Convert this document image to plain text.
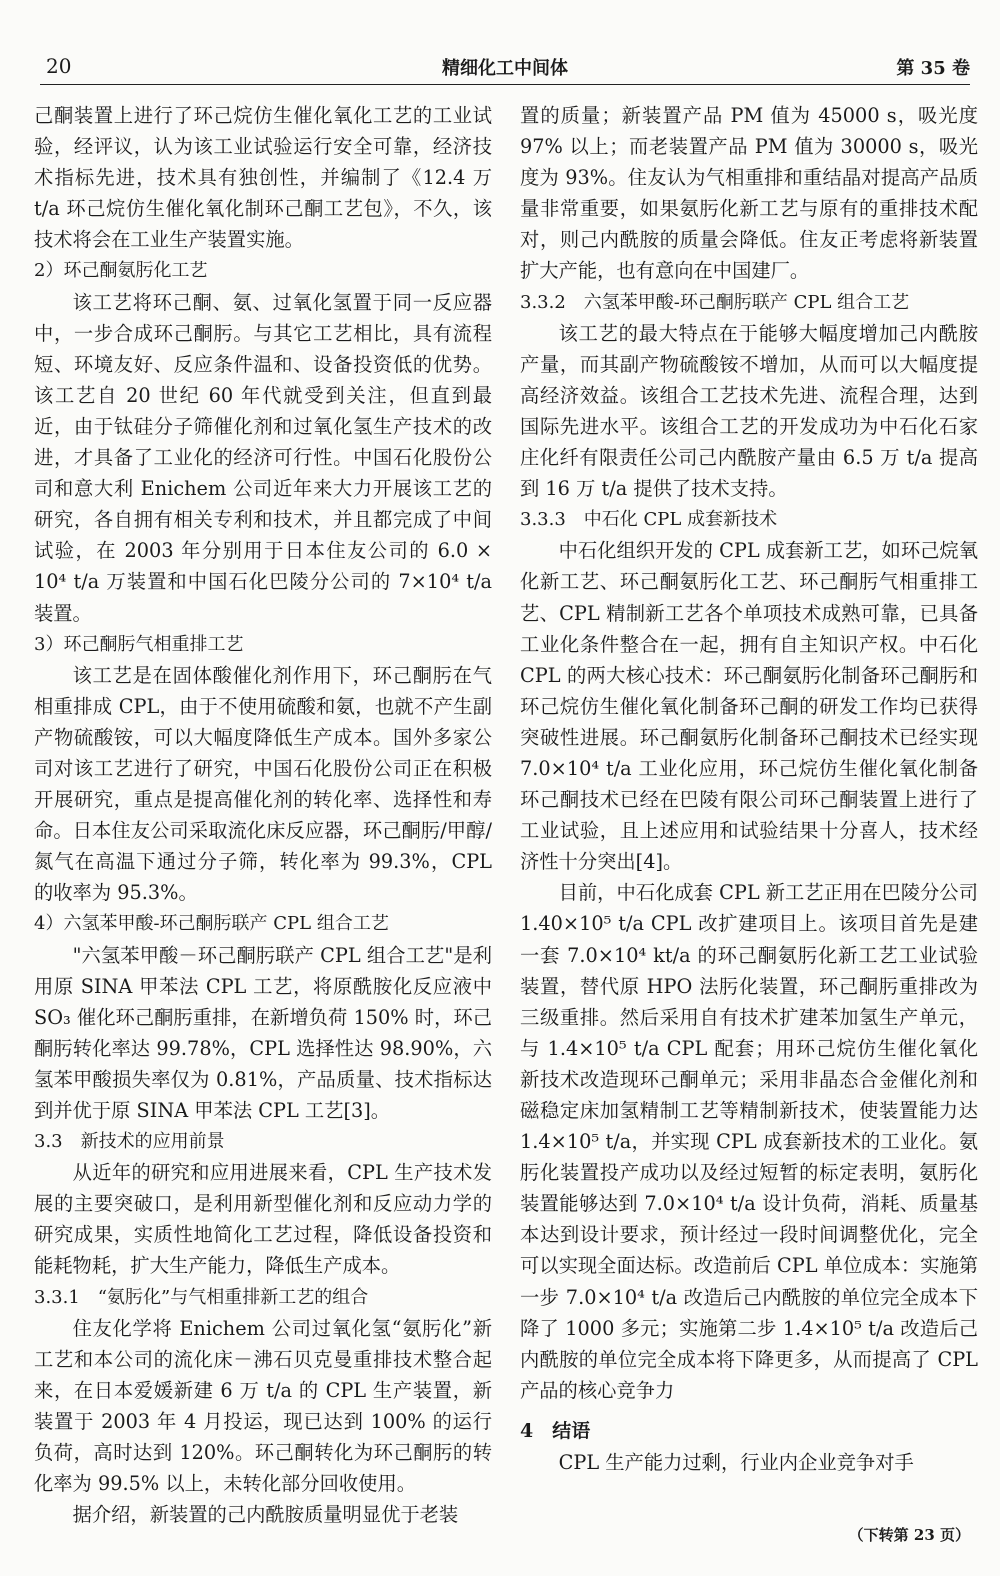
20	精细化工中间体	第 35 卷

己酮装置上进行了环己烷仿生催化氧化工艺的工业试验，经评议，认为该工业试验运行安全可靠，经济技术指标先进，技术具有独创性，并编制了《12.4 万 t/a 环己烷仿生催化氧化制环己酮工艺包》，不久，该技术将会在工业生产装置实施。

2）环己酮氨肟化工艺

该工艺将环己酮、氨、过氧化氢置于同一反应器中，一步合成环己酮肟。与其它工艺相比，具有流程短、环境友好、反应条件温和、设备投资低的优势。该工艺自 20 世纪 60 年代就受到关注，但直到最近，由于钛硅分子筛催化剂和过氧化氢生产技术的改进，才具备了工业化的经济可行性。中国石化股份公司和意大利 Enichem 公司近年来大力开展该工艺的研究，各自拥有相关专利和技术，并且都完成了中间试验，在 2003 年分别用于日本住友公司的 6.0 × 10⁴ t/a 万装置和中国石化巴陵分公司的 7×10⁴ t/a 装置。

3）环己酮肟气相重排工艺

该工艺是在固体酸催化剂作用下，环己酮肟在气相重排成 CPL，由于不使用硫酸和氨，也就不产生副产物硫酸铵，可以大幅度降低生产成本。国外多家公司对该工艺进行了研究，中国石化股份公司正在积极开展研究，重点是提高催化剂的转化率、选择性和寿命。日本住友公司采取流化床反应器，环己酮肟/甲醇/氮气在高温下通过分子筛，转化率为 99.3%，CPL 的收率为 95.3%。

4）六氢苯甲酸-环己酮肟联产 CPL 组合工艺

"六氢苯甲酸－环己酮肟联产 CPL 组合工艺"是利用原 SINA 甲苯法 CPL 工艺，将原酰胺化反应液中 SO₃ 催化环己酮肟重排，在新增负荷 150% 时，环己酮肟转化率达 99.78%，CPL 选择性达 98.90%，六氢苯甲酸损失率仅为 0.81%，产品质量、技术指标达到并优于原 SINA 甲苯法 CPL 工艺[3]。

3.3　新技术的应用前景

从近年的研究和应用进展来看，CPL 生产技术发展的主要突破口，是利用新型催化剂和反应动力学的研究成果，实质性地简化工艺过程，降低设备投资和能耗物耗，扩大生产能力，降低生产成本。

3.3.1　“氨肟化”与气相重排新工艺的组合

住友化学将 Enichem 公司过氧化氢“氨肟化”新工艺和本公司的流化床－沸石贝克曼重排技术整合起来，在日本爱媛新建 6 万 t/a 的 CPL 生产装置，新装置于 2003 年 4 月投运，现已达到 100% 的运行负荷，高时达到 120%。环己酮转化为环己酮肟的转化率为 99.5% 以上，未转化部分回收使用。

据介绍，新装置的己内酰胺质量明显优于老装

置的质量；新装置产品 PM 值为 45000 s，吸光度 97% 以上；而老装置产品 PM 值为 30000 s，吸光度为 93%。住友认为气相重排和重结晶对提高产品质量非常重要，如果氨肟化新工艺与原有的重排技术配对，则己内酰胺的质量会降低。住友正考虑将新装置扩大产能，也有意向在中国建厂。

3.3.2　六氢苯甲酸-环己酮肟联产 CPL 组合工艺

该工艺的最大特点在于能够大幅度增加己内酰胺产量，而其副产物硫酸铵不增加，从而可以大幅度提高经济效益。该组合工艺技术先进、流程合理，达到国际先进水平。该组合工艺的开发成功为中石化石家庄化纤有限责任公司己内酰胺产量由 6.5 万 t/a 提高到 16 万 t/a 提供了技术支持。

3.3.3　中石化 CPL 成套新技术

中石化组织开发的 CPL 成套新工艺，如环己烷氧化新工艺、环己酮氨肟化工艺、环己酮肟气相重排工艺、CPL 精制新工艺各个单项技术成熟可靠，已具备工业化条件整合在一起，拥有自主知识产权。中石化 CPL 的两大核心技术：环己酮氨肟化制备环己酮肟和环己烷仿生催化氧化制备环己酮的研发工作均已获得突破性进展。环己酮氨肟化制备环己酮技术已经实现 7.0×10⁴ t/a 工业化应用，环己烷仿生催化氧化制备环己酮技术已经在巴陵有限公司环己酮装置上进行了工业试验，且上述应用和试验结果十分喜人，技术经济性十分突出[4]。

目前，中石化成套 CPL 新工艺正用在巴陵分公司 1.40×10⁵ t/a CPL 改扩建项目上。该项目首先是建一套 7.0×10⁴ kt/a 的环己酮氨肟化新工艺工业试验装置，替代原 HPO 法肟化装置，环己酮肟重排改为三级重排。然后采用自有技术扩建苯加氢生产单元，与 1.4×10⁵ t/a CPL 配套；用环己烷仿生催化氧化新技术改造现环己酮单元；采用非晶态合金催化剂和磁稳定床加氢精制工艺等精制新技术，使装置能力达 1.4×10⁵ t/a，并实现 CPL 成套新技术的工业化。氨肟化装置投产成功以及经过短暂的标定表明，氨肟化装置能够达到 7.0×10⁴ t/a 设计负荷，消耗、质量基本达到设计要求，预计经过一段时间调整优化，完全可以实现全面达标。改造前后 CPL 单位成本：实施第一步 7.0×10⁴ t/a 改造后己内酰胺的单位完全成本下降了 1000 多元；实施第二步 1.4×10⁵ t/a 改造后己内酰胺的单位完全成本将下降更多，从而提高了 CPL 产品的核心竞争力

4　结语

CPL 生产能力过剩，行业内企业竞争对手

（下转第 23 页）
